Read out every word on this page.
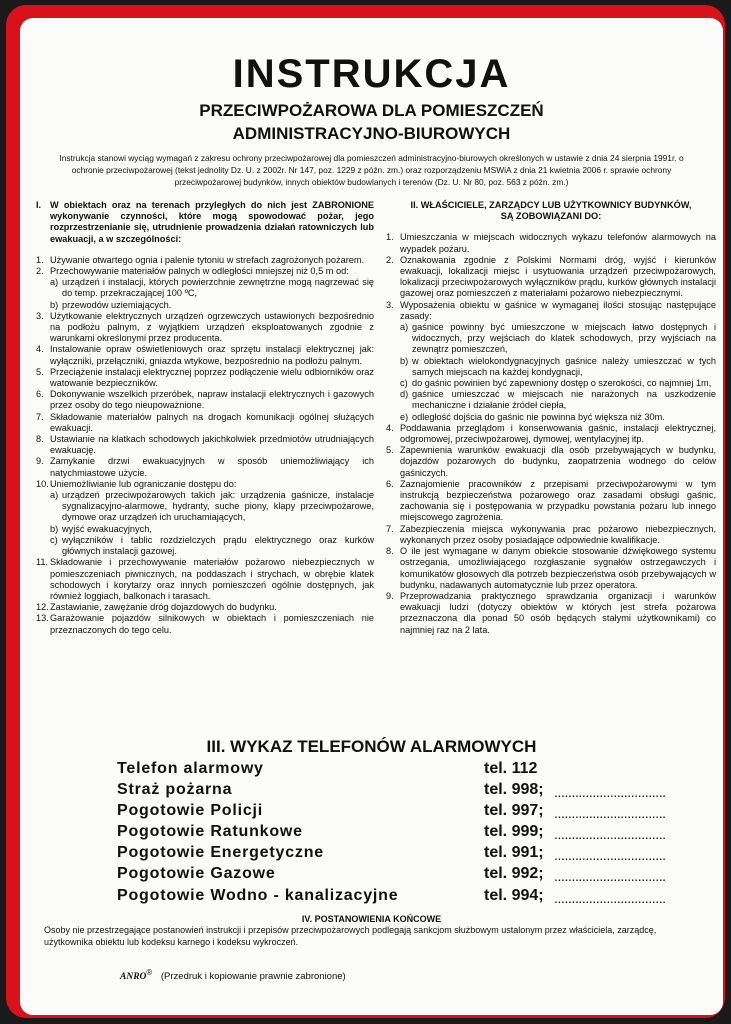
INSTRUKCJA
PRZECIWPOŻAROWA DLA POMIESZCZEŃ
ADMINISTRACYJNO-BIUROWYCH
Instrukcja stanowi wyciąg wymagań z zakresu ochrony przeciwpożarowej dla pomieszczeń administracyjno-biurowych określonych w ustawie z dnia 24 sierpnia 1991r. o ochronie przeciwpożarowej (tekst jednolity Dz. U. z 2002r. Nr 147, poz. 1229 z późn. zm.) oraz rozporządzeniu MSWiA z dnia 21 kwietnia 2006 r. sprawie ochrony przeciwpożarowej budynków, innych obiektów budowlanych i terenów (Dz. U. Nr 80, poz. 563 z późn. zm.)
I. W obiektach oraz na terenach przyległych do nich jest ZABRONIONE wykonywanie czynności, które mogą spowodować pożar, jego rozprzestrzenianie się, utrudnienie prowadzenia działań ratowniczych lub ewakuacji, a w szczególności:
1. Używanie otwartego ognia i palenie tytoniu w strefach zagrożonych pożarem.
2. Przechowywanie materiałów palnych w odległości mniejszej niż 0,5 m od:
a) urządzeń i instalacji, których powierzchnie zewnętrzne mogą nagrzewać się do temp. przekraczającej 100 ºC,
b) przewodów uziemiających.
3. Użytkowanie elektrycznych urządzeń ogrzewczych ustawionych bezpośrednio na podłożu palnym, z wyjątkiem urządzeń eksploatowanych zgodnie z warunkami określonymi przez producenta.
4. Instalowanie opraw oświetleniowych oraz sprzętu instalacji elektrycznej jak: wyłączniki, przełączniki, gniazda wtykowe, bezpośrednio na podłożu palnym.
5. Przeciążenie instalacji elektrycznej poprzez podłączenie wielu odbiorników oraz watowanie bezpieczników.
6. Dokonywanie wszelkich przeróbek, napraw instalacji elektrycznych i gazowych przez osoby do tego nieupoważnione.
7. Składowanie materiałów palnych na drogach komunikacji ogólnej służących ewakuacji.
8. Ustawianie na klatkach schodowych jakichkolwiek przedmiotów utrudniających ewakuację.
9. Zamykanie drzwi ewakuacyjnych w sposób uniemożliwiający ich natychmiastowe użycie.
10. Uniemożliwianie lub ograniczanie dostępu do:
a) urządzeń przeciwpożarowych takich jak: urządzenia gaśnicze, instalacje sygnalizacyjno-alarmowe, hydranty, suche piony, klapy przeciwpożarowe, dymowe oraz urządzeń ich uruchamiających,
b) wyjść ewakuacyjnych,
c) wyłączników i tablic rozdzielczych prądu elektrycznego oraz kurków głównych instalacji gazowej.
11. Składowanie i przechowywanie materiałów pożarowo niebezpiecznych w pomieszczeniach piwnicznych, na poddaszach i strychach, w obrębie klatek schodowych i korytarzy oraz innych pomieszczeń ogólnie dostępnych, jak również loggiach, balkonach i tarasach.
12. Zastawianie, zawężanie dróg dojazdowych do budynku.
13. Garażowanie pojazdów silnikowych w obiektach i pomieszczeniach nie przeznaczonych do tego celu.
II. WŁAŚCICIELE, ZARZĄDCY LUB UŻYTKOWNICY BUDYNKÓW,
SĄ ZOBOWIĄZANI DO:
1. Umieszczania w miejscach widocznych wykazu telefonów alarmowych na wypadek pożaru.
2. Oznakowania zgodnie z Polskimi Normami dróg, wyjść i kierunków ewakuacji, lokalizacji miejsc i usytuowania urządzeń przeciwpożarowych, lokalizacji przeciwpożarowych wyłączników prądu, kurków głównych instalacji gazowej oraz pomieszczeń z materiałami pożarowo niebezpiecznymi.
3. Wyposażenia obiektu w gaśnice w wymaganej ilości stosując następujące zasady:
a) gaśnice powinny być umieszczone w miejscach łatwo dostępnych i widocznych, przy wejściach do klatek schodowych, przy wyjściach na zewnątrz pomieszczeń,
b) w obiektach wielokondygnacyjnych gaśnice należy umieszczać w tych samych miejscach na każdej kondygnacji,
c) do gaśnic powinien być zapewniony dostęp o szerokości, co najmniej 1m,
d) gaśnice umieszczać w miejscach nie narażonych na uszkodzenie mechaniczne i działanie źródeł ciepła,
e) odległość dojścia do gaśnic nie powinna być większa niż 30m.
4. Poddawania przeglądom i konserwowania gaśnic, instalacji elektrycznej, odgromowej, przeciwpożarowej, dymowej, wentylacyjnej itp.
5. Zapewnienia warunków ewakuacji dla osób przebywających w budynku, dojazdów pożarowych do budynku, zaopatrzenia wodnego do celów gaśniczych.
6. Zaznajomienie pracowników z przepisami przeciwpożarowymi w tym instrukcją bezpieczeństwa pożarowego oraz zasadami obsługi gaśnic, zachowania się i postępowania w przypadku powstania pożaru lub innego miejscowego zagrożenia.
7. Zabezpieczenia miejsca wykonywania prac pożarowo niebezpiecznych, wykonanych przez osoby posiadające odpowiednie kwalifikacje.
8. O ile jest wymagane w danym obiekcie stosowanie dźwiękowego systemu ostrzegania, umożliwiającego rozgłaszanie sygnałów ostrzegawczych i komunikatów głosowych dla potrzeb bezpieczeństwa osób przebywających w budynku, nadawanych automatycznie lub przez operatora.
9. Przeprowadzania praktycznego sprawdzania organizacji i warunków ewakuacji ludzi (dotyczy obiektów w których jest strefa pożarowa przeznaczona dla ponad 50 osób będących stałymi użytkownikami) co najmniej raz na 2 lata.
III. WYKAZ TELEFONÓW ALARMOWYCH
Telefon alarmowy	tel. 112
Straż pożarna	tel. 998; ................................
Pogotowie Policji	tel. 997; ................................
Pogotowie Ratunkowe	tel. 999; ................................
Pogotowie Energetyczne	tel. 991; ................................
Pogotowie Gazowe	tel. 992; ................................
Pogotowie Wodno - kanalizacyjne	tel. 994; ................................
IV. POSTANOWIENIA KOŃCOWE
Osoby nie przestrzegające postanowień instrukcji i przepisów przeciwpożarowych podlegają sankcjom służbowym ustalonym przez właściciela, zarządcę, użytkownika obiektu lub kodeksu karnego i kodeksu wykroczeń.
ANRO® (Przedruk i kopiowanie prawnie zabronione)
